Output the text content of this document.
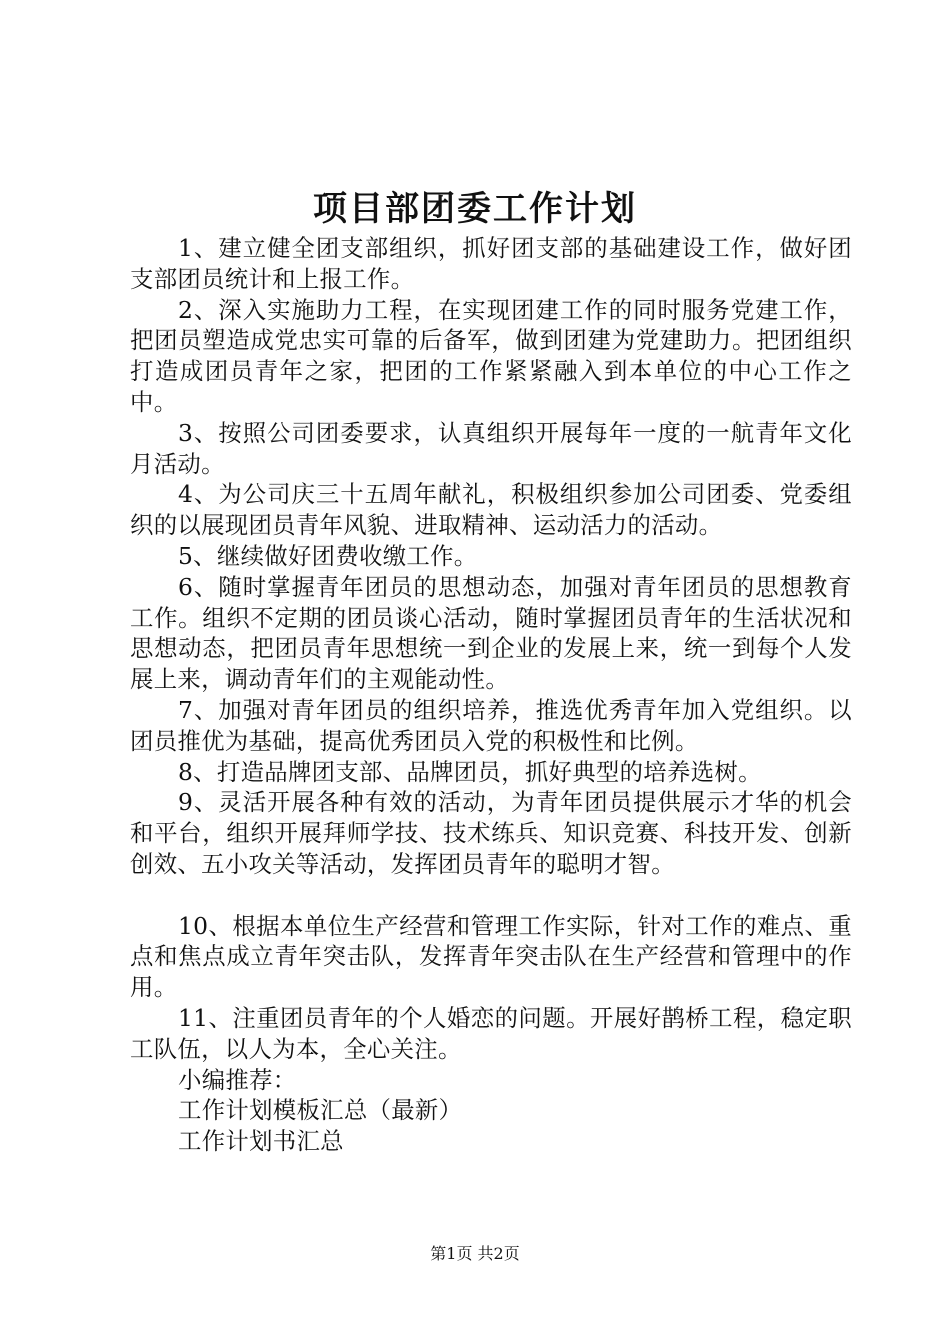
项目部团委工作计划

1、建立健全团支部组织，抓好团支部的基础建设工作，做好团支部团员统计和上报工作。

2、深入实施助力工程，在实现团建工作的同时服务党建工作，把团员塑造成党忠实可靠的后备军，做到团建为党建助力。把团组织打造成团员青年之家，把团的工作紧紧融入到本单位的中心工作之中。

3、按照公司团委要求，认真组织开展每年一度的一航青年文化月活动。

4、为公司庆三十五周年献礼，积极组织参加公司团委、党委组织的以展现团员青年风貌、进取精神、运动活力的活动。

5、继续做好团费收缴工作。

6、随时掌握青年团员的思想动态，加强对青年团员的思想教育工作。组织不定期的团员谈心活动，随时掌握团员青年的生活状况和思想动态，把团员青年思想统一到企业的发展上来，统一到每个人发展上来，调动青年们的主观能动性。

7、加强对青年团员的组织培养，推选优秀青年加入党组织。以团员推优为基础，提高优秀团员入党的积极性和比例。

8、打造品牌团支部、品牌团员，抓好典型的培养选树。

9、灵活开展各种有效的活动，为青年团员提供展示才华的机会和平台，组织开展拜师学技、技术练兵、知识竞赛、科技开发、创新创效、五小攻关等活动，发挥团员青年的聪明才智。

10、根据本单位生产经营和管理工作实际，针对工作的难点、重点和焦点成立青年突击队，发挥青年突击队在生产经营和管理中的作用。

11、注重团员青年的个人婚恋的问题。开展好鹊桥工程，稳定职工队伍，以人为本，全心关注。

小编推荐：

工作计划模板汇总（最新）

工作计划书汇总

第1页 共2页
